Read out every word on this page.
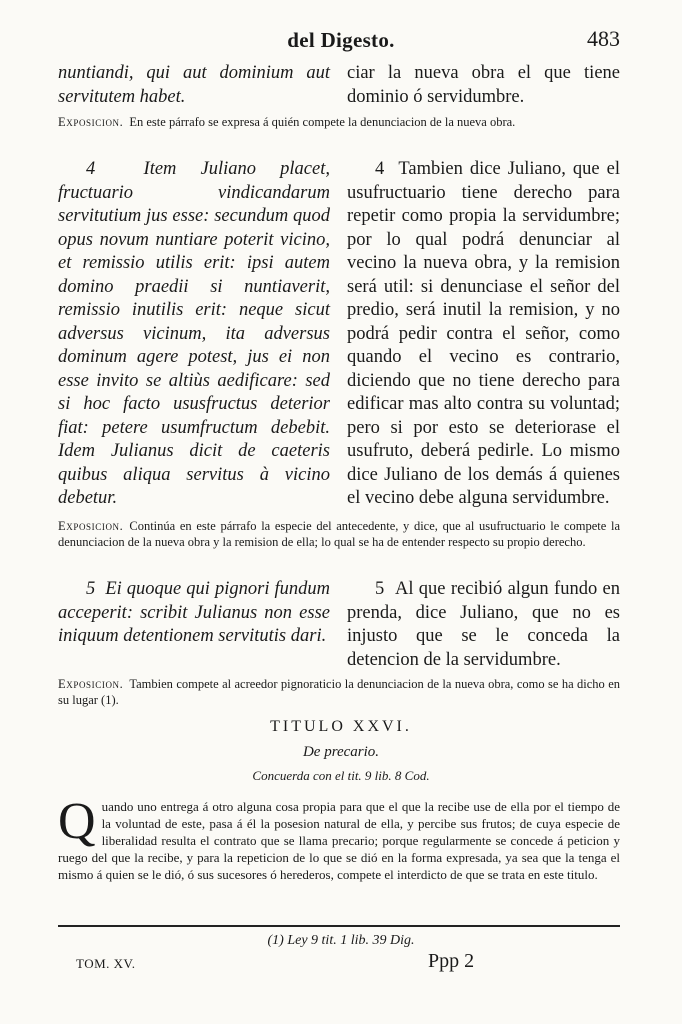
del Digesto.	483

nuntiandi, qui aut dominium aut servitutem habet.

ciar la nueva obra el que tiene dominio ó servidumbre.

Exposicion. En este párrafo se expresa á quién compete la denunciacion de la nueva obra.

4	Item Juliano placet, fructuario vindicandarum servitutium jus esse: secundum quod opus novum nuntiare poterit vicino, et remissio utilis erit: ipsi autem domino praedii si nuntiaverit, remissio inutilis erit: neque sicut adversus vicinum, ita adversus dominum agere potest, jus ei non esse invito se altiùs aedificare: sed si hoc facto ususfructus deterior fiat: petere usumfructum debebit. Idem Julianus dicit de caeteris quibus aliqua servitus à vicino debetur.

4 Tambien dice Juliano, que el usufructuario tiene derecho para repetir como propia la servidumbre; por lo qual podrá denunciar al vecino la nueva obra, y la remision será util: si denunciase el señor del predio, será inutil la remision, y no podrá pedir contra el señor, como quando el vecino es contrario, diciendo que no tiene derecho para edificar mas alto contra su voluntad; pero si por esto se deteriorase el usufruto, deberá pedirle. Lo mismo dice Juliano de los demás á quienes el vecino debe alguna servidumbre.

Exposicion. Continúa en este párrafo la especie del antecedente, y dice, que al usufructuario le compete la denunciacion de la nueva obra y la remision de ella; lo qual se ha de entender respecto su propio derecho.

5 Ei quoque qui pignori fundum acceperit: scribit Julianus non esse iniquum detentionem servitutis dari.

5 Al que recibió algun fundo en prenda, dice Juliano, que no es injusto que se le conceda la detencion de la servidumbre.

Exposicion. Tambien compete al acreedor pignoraticio la denunciacion de la nueva obra, como se ha dicho en su lugar (1).
TITULO XXVI.
De precario.
Concuerda con el tit. 9 lib. 8 Cod.
Quando uno entrega á otro alguna cosa propia para que el que la recibe use de ella por el tiempo de la voluntad de este, pasa á él la posesion natural de ella, y percibe sus frutos; de cuya especie de liberalidad resulta el contrato que se llama precario; porque regularmente se concede á peticion y ruego del que la recibe, y para la repeticion de lo que se dió en la forma expresada, ya sea que la tenga el mismo á quien se le dió, ó sus sucesores ó herederos, compete el interdicto de que se trata en este titulo.
(1) Ley 9 tit. 1 lib. 39 Dig.
TOM. XV.	Ppp 2
